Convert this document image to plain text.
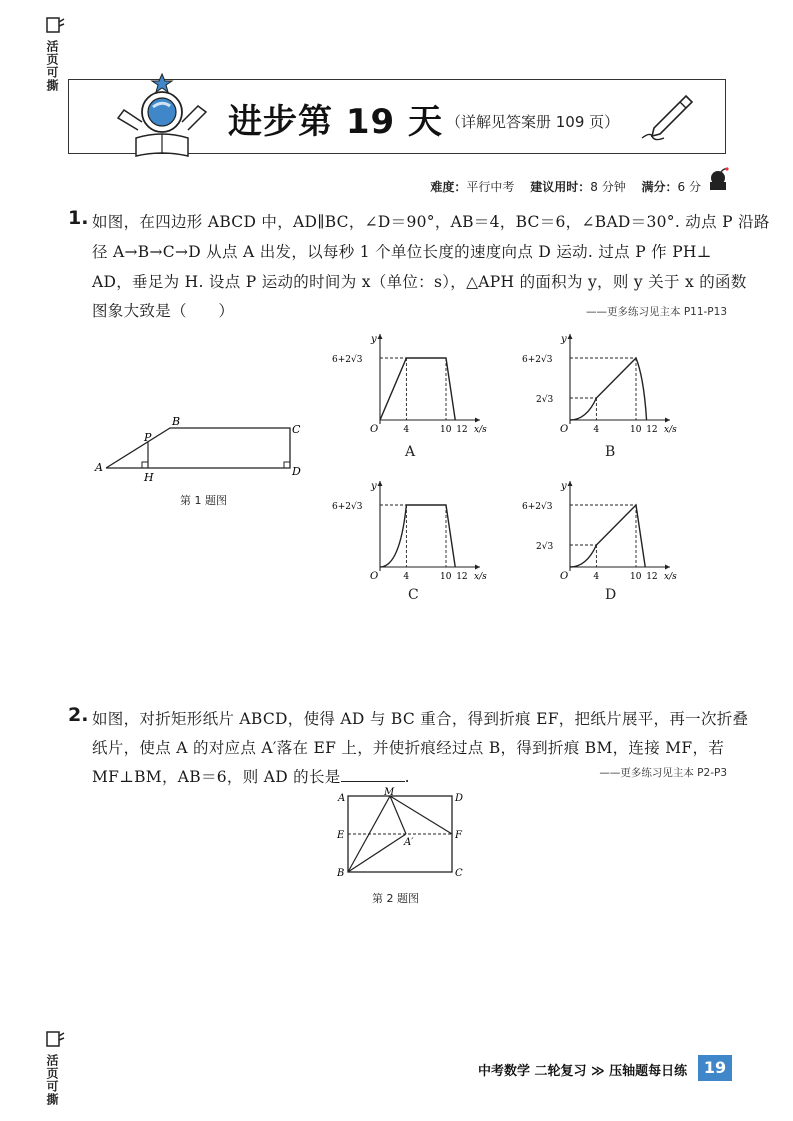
活页可撕
活页可撕
进步第 19 天 （详解见答案册 109 页）
难度：平行中考 建议用时：8 分钟 满分：6 分
1. 如图，在四边形 ABCD 中，AD∥BC，∠D＝90°，AB＝4，BC＝6，∠BAD＝30°. 动点 P 沿路
径 A→B→C→D 从点 A 出发，以每秒 1 个单位长度的速度向点 D 运动. 过点 P 作 PH⊥
AD，垂足为 H. 设点 P 运动的时间为 x（单位：s），△APH 的面积为 y，则 y 关于 x 的函数
图象大致是（　　）	——更多练习见主本 P11-P13
A
B
C
D
P
H
第 1 题图
y
x/s
O	4	10 12
6+2√3
y
x/s
O	4	10 12
6+2√3
2√3
y
x/s
O	4	10 12
6+2√3
y
x/s
O	4	10 12
6+2√3
2√3
A	B
C	D
2. 如图，对折矩形纸片 ABCD，使得 AD 与 BC 重合，得到折痕 EF，把纸片展平，再一次折叠
纸片，使点 A 的对应点 A′落在 EF 上，并使折痕经过点 B，得到折痕 BM，连接 MF，若
MF⊥BM，AB＝6，则 AD 的长是	.	——更多练习见主本 P2-P3
A
M
D
E	F
A′
B	C
第 2 题图
中考数学 二轮复习 ≫ 压轴题每日练	19
